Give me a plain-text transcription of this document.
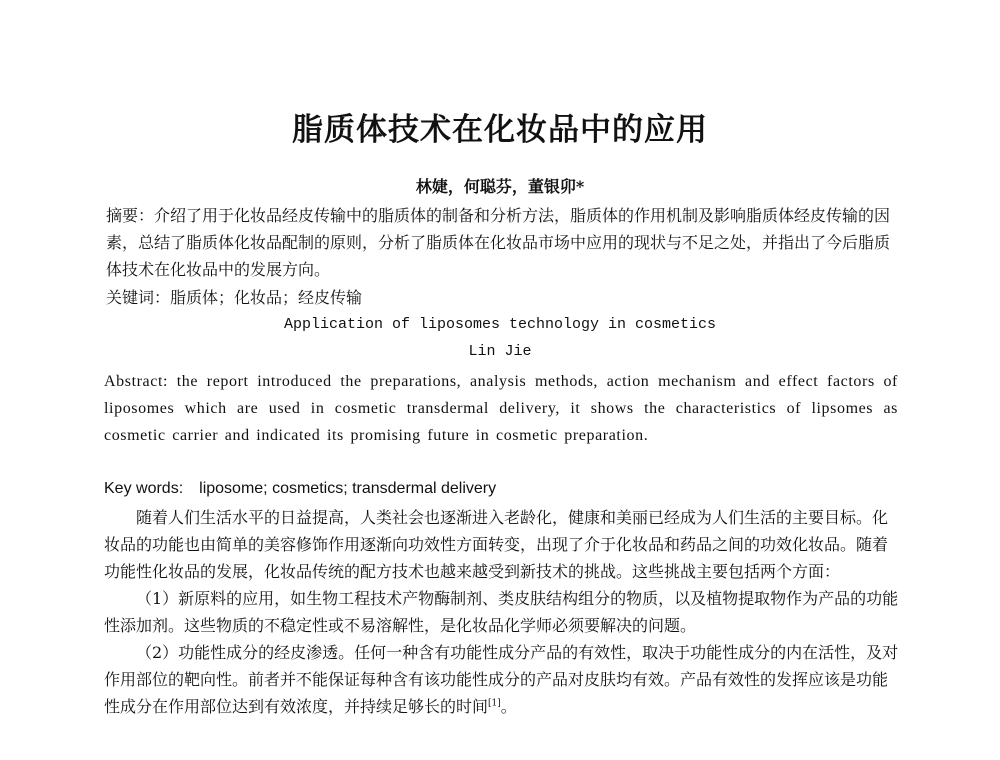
脂质体技术在化妆品中的应用
林婕，何聪芬，董银卯*
摘要：介绍了用于化妆品经皮传输中的脂质体的制备和分析方法，脂质体的作用机制及影响脂质体经皮传输的因素，总结了脂质体化妆品配制的原则，分析了脂质体在化妆品市场中应用的现状与不足之处，并指出了今后脂质体技术在化妆品中的发展方向。
关键词：脂质体；化妆品；经皮传输
Application of liposomes technology in cosmetics
Lin Jie
Abstract: the report introduced the preparations, analysis methods, action mechanism and effect factors of liposomes which are used in cosmetic transdermal delivery, it shows the characteristics of lipsomes as cosmetic carrier and indicated its promising future in cosmetic preparation.
Key words: liposome; cosmetics; transdermal delivery

随着人们生活水平的日益提高，人类社会也逐渐进入老龄化，健康和美丽已经成为人们生活的主要目标。化妆品的功能也由简单的美容修饰作用逐渐向功效性方面转变，出现了介于化妆品和药品之间的功效化妆品。随着功能性化妆品的发展，化妆品传统的配方技术也越来越受到新技术的挑战。这些挑战主要包括两个方面：

（1）新原料的应用，如生物工程技术产物酶制剂、类皮肤结构组分的物质，以及植物提取物作为产品的功能性添加剂。这些物质的不稳定性或不易溶解性，是化妆品化学师必须要解决的问题。

（2）功能性成分的经皮渗透。任何一种含有功能性成分产品的有效性，取决于功能性成分的内在活性，及对作用部位的靶向性。前者并不能保证每种含有该功能性成分的产品对皮肤均有效。产品有效性的发挥应该是功能性成分在作用部位达到有效浓度，并持续足够长的时间[1]。
